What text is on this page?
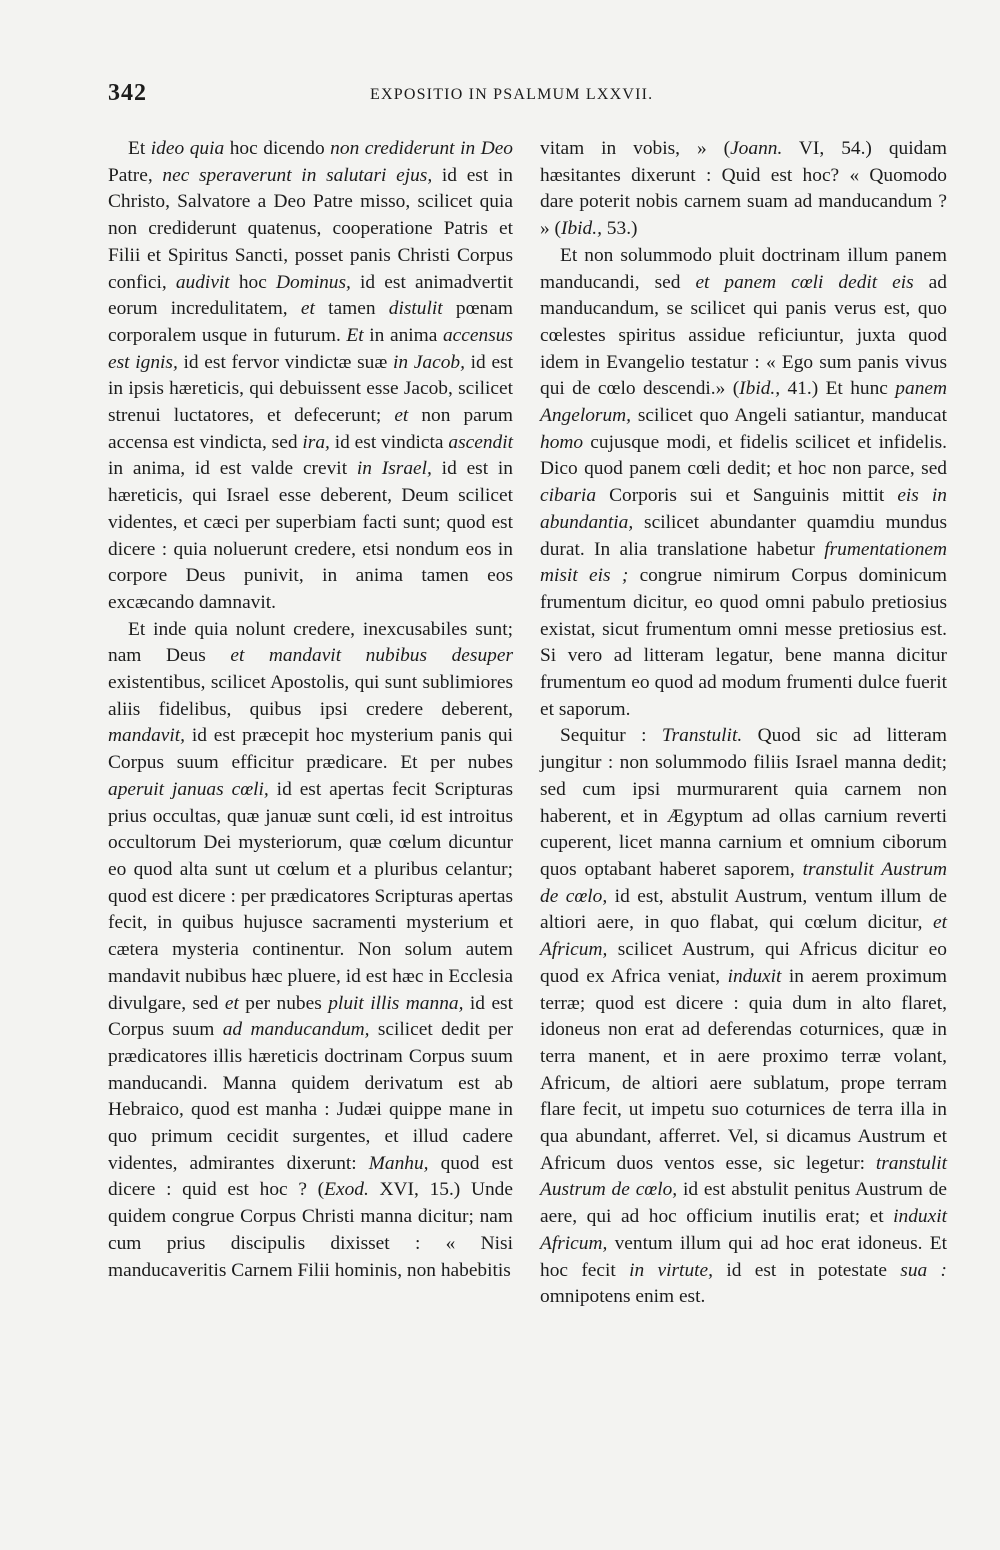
342	EXPOSITIO IN PSALMUM LXXVII.

Et ideo quia hoc dicendo non crediderunt in Deo Patre, nec speraverunt in salutari ejus, id est in Christo, Salvatore a Deo Patre misso, scilicet quia non crediderunt quatenus, cooperatione Patris et Filii et Spiritus Sancti, posset panis Christi Corpus confici, audivit hoc Dominus, id est animadvertit eorum incredulitatem, et tamen distulit pœnam corporalem usque in futurum. Et in anima accensus est ignis, id est fervor vindictæ suæ in Jacob, id est in ipsis hæreticis, qui debuissent esse Jacob, scilicet strenui luctatores, et defecerunt; et non parum accensa est vindicta, sed ira, id est vindicta ascendit in anima, id est valde crevit in Israel, id est in hæreticis, qui Israel esse deberent, Deum scilicet videntes, et cæci per superbiam facti sunt; quod est dicere : quia noluerunt credere, etsi nondum eos in corpore Deus punivit, in anima tamen eos excæcando damnavit.

Et inde quia nolunt credere, inexcusabiles sunt; nam Deus et mandavit nubibus desuper existentibus, scilicet Apostolis, qui sunt sublimiores aliis fidelibus, quibus ipsi credere deberent, mandavit, id est præcepit hoc mysterium panis qui Corpus suum efficitur prædicare. Et per nubes aperuit januas cœli, id est apertas fecit Scripturas prius occultas, quæ januæ sunt cœli, id est introitus occultorum Dei mysteriorum, quæ cœlum dicuntur eo quod alta sunt ut cœlum et a pluribus celantur; quod est dicere : per prædicatores Scripturas apertas fecit, in quibus hujusce sacramenti mysterium et cætera mysteria continentur. Non solum autem mandavit nubibus hæc pluere, id est hæc in Ecclesia divulgare, sed et per nubes pluit illis manna, id est Corpus suum ad manducandum, scilicet dedit per prædicatores illis hæreticis doctrinam Corpus suum manducandi. Manna quidem derivatum est ab Hebraico, quod est manha : Judæi quippe mane in quo primum cecidit surgentes, et illud cadere videntes, admirantes dixerunt: Manhu, quod est dicere : quid est hoc ? (Exod. XVI, 15.) Unde quidem congrue Corpus Christi manna dicitur; nam cum prius discipulis dixisset : « Nisi manducaveritis Carnem Filii hominis, non habebitis

vitam in vobis, » (Joann. VI, 54.) quidam hæsitantes dixerunt : Quid est hoc? « Quomodo dare poterit nobis carnem suam ad manducandum ? » (Ibid., 53.)

Et non solummodo pluit doctrinam illum panem manducandi, sed et panem cœli dedit eis ad manducandum, se scilicet qui panis verus est, quo cœlestes spiritus assidue reficiuntur, juxta quod idem in Evangelio testatur : « Ego sum panis vivus qui de cœlo descendi.» (Ibid., 41.) Et hunc panem Angelorum, scilicet quo Angeli satiantur, manducat homo cujusque modi, et fidelis scilicet et infidelis. Dico quod panem cœli dedit; et hoc non parce, sed cibaria Corporis sui et Sanguinis mittit eis in abundantia, scilicet abundanter quamdiu mundus durat. In alia translatione habetur frumentationem misit eis ; congrue nimirum Corpus dominicum frumentum dicitur, eo quod omni pabulo pretiosius existat, sicut frumentum omni messe pretiosius est. Si vero ad litteram legatur, bene manna dicitur frumentum eo quod ad modum frumenti dulce fuerit et saporum.

Sequitur : Transtulit. Quod sic ad litteram jungitur : non solummodo filiis Israel manna dedit; sed cum ipsi murmurarent quia carnem non haberent, et in Ægyptum ad ollas carnium reverti cuperent, licet manna carnium et omnium ciborum quos optabant haberet saporem, transtulit Austrum de cœlo, id est, abstulit Austrum, ventum illum de altiori aere, in quo flabat, qui cœlum dicitur, et Africum, scilicet Austrum, qui Africus dicitur eo quod ex Africa veniat, induxit in aerem proximum terræ; quod est dicere : quia dum in alto flaret, idoneus non erat ad deferendas coturnices, quæ in terra manent, et in aere proximo terræ volant, Africum, de altiori aere sublatum, prope terram flare fecit, ut impetu suo coturnices de terra illa in qua abundant, afferret. Vel, si dicamus Austrum et Africum duos ventos esse, sic legetur: transtulit Austrum de cœlo, id est abstulit penitus Austrum de aere, qui ad hoc officium inutilis erat; et induxit Africum, ventum illum qui ad hoc erat idoneus. Et hoc fecit in virtute, id est in potestate sua : omnipotens enim est.
